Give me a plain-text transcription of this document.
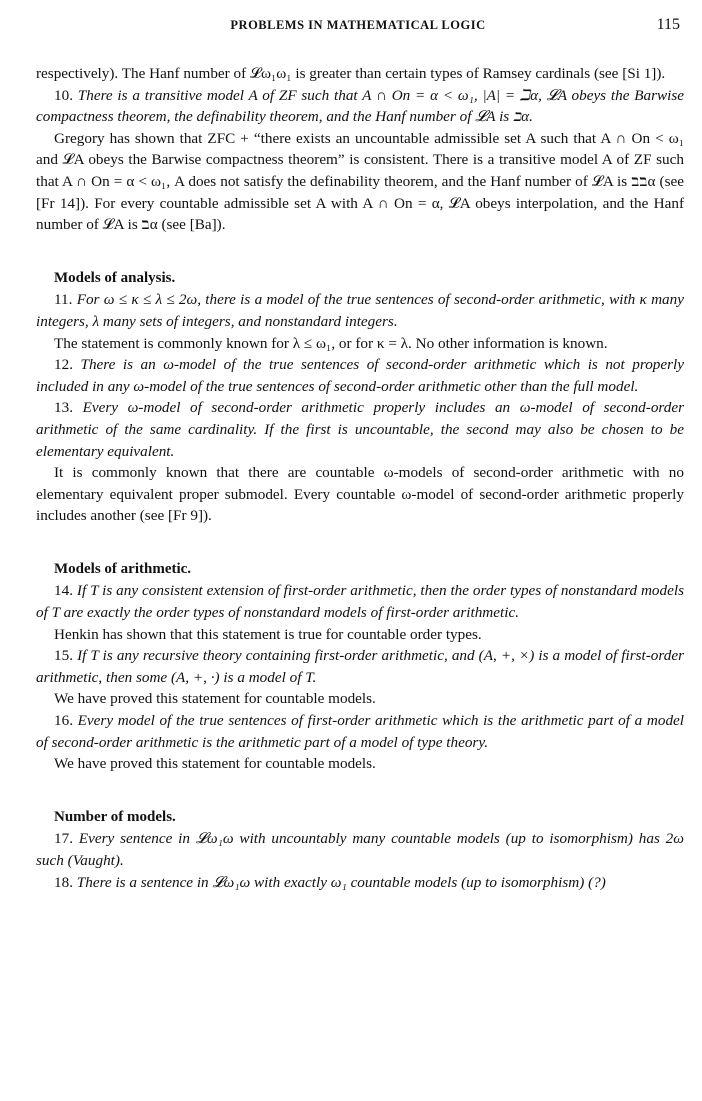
PROBLEMS IN MATHEMATICAL LOGIC	115

respectively). The Hanf number of 𝓛ω₁ω₁ is greater than certain types of Ramsey cardinals (see [Si 1]).

10. There is a transitive model A of ZF such that A ∩ On = α < ω₁, |A| = ℶα, 𝓛A obeys the Barwise compactness theorem, the definability theorem, and the Hanf number of 𝓛A is ℶα.

Gregory has shown that ZFC + “there exists an uncountable admissible set A such that A ∩ On < ω₁ and 𝓛A obeys the Barwise compactness theorem” is consistent. There is a transitive model A of ZF such that A ∩ On = α < ω₁, A does not satisfy the definability theorem, and the Hanf number of 𝓛A is ℶℶα (see [Fr 14]). For every countable admissible set A with A ∩ On = α, 𝓛A obeys interpolation, and the Hanf number of 𝓛A is ℶα (see [Ba]).

Models of analysis.

11. For ω ≤ κ ≤ λ ≤ 2ω, there is a model of the true sentences of second-order arithmetic, with κ many integers, λ many sets of integers, and nonstandard integers.

The statement is commonly known for λ ≤ ω₁, or for κ = λ. No other information is known.

12. There is an ω-model of the true sentences of second-order arithmetic which is not properly included in any ω-model of the true sentences of second-order arithmetic other than the full model.

13. Every ω-model of second-order arithmetic properly includes an ω-model of second-order arithmetic of the same cardinality. If the first is uncountable, the second may also be chosen to be elementary equivalent.

It is commonly known that there are countable ω-models of second-order arithmetic with no elementary equivalent proper submodel. Every countable ω-model of second-order arithmetic properly includes another (see [Fr 9]).

Models of arithmetic.

14. If T is any consistent extension of first-order arithmetic, then the order types of nonstandard models of T are exactly the order types of nonstandard models of first-order arithmetic.

Henkin has shown that this statement is true for countable order types.

15. If T is any recursive theory containing first-order arithmetic, and (A, +, ×) is a model of first-order arithmetic, then some (A, +, ·) is a model of T.

We have proved this statement for countable models.

16. Every model of the true sentences of first-order arithmetic which is the arithmetic part of a model of second-order arithmetic is the arithmetic part of a model of type theory.

We have proved this statement for countable models.

Number of models.

17. Every sentence in 𝓛ω₁ω with uncountably many countable models (up to isomorphism) has 2ω such (Vaught).

18. There is a sentence in 𝓛ω₁ω with exactly ω₁ countable models (up to isomorphism) (?)
